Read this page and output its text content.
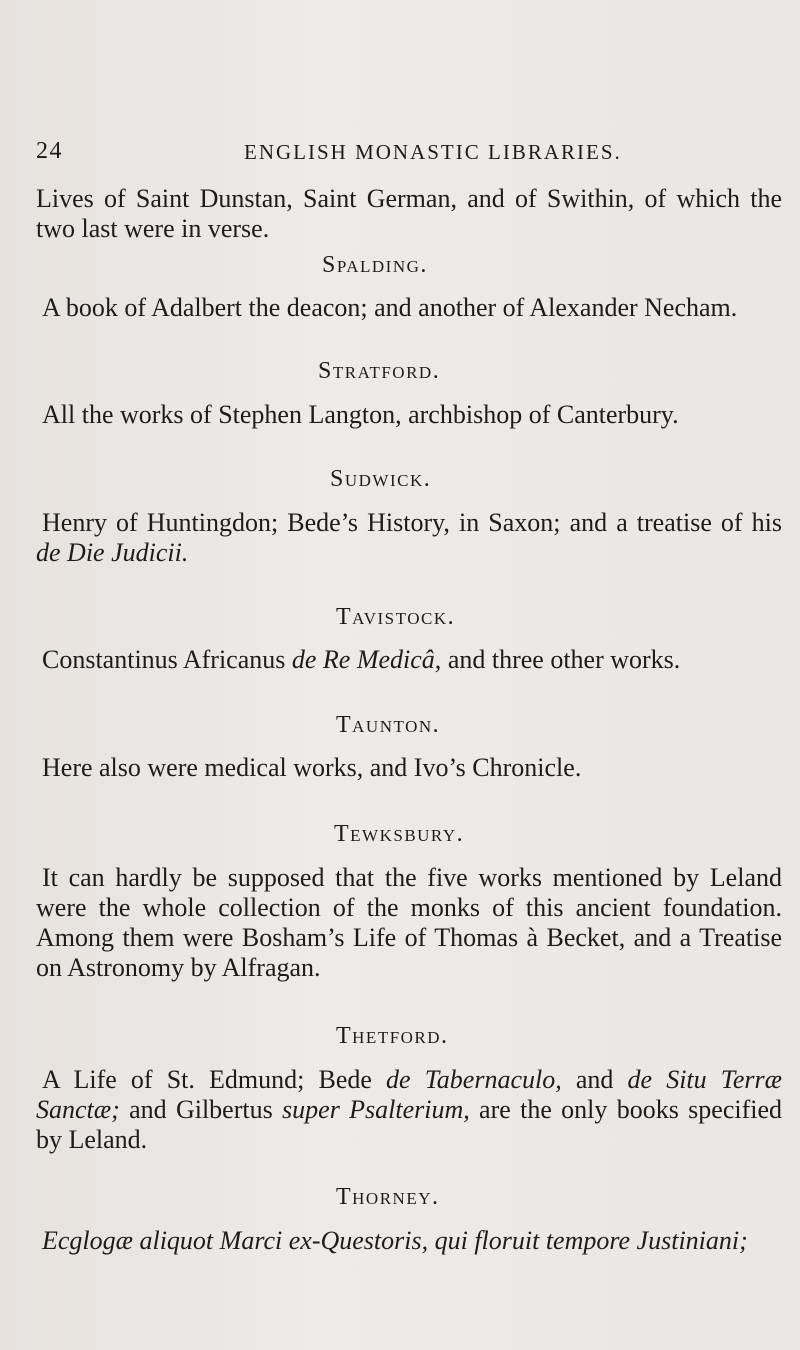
24	ENGLISH MONASTIC LIBRARIES.

Lives of Saint Dunstan, Saint German, and of Swithin, of which the two last were in verse.

Spalding.

A book of Adalbert the deacon; and another of Alexander Necham.

Stratford.

All the works of Stephen Langton, archbishop of Canterbury.

Sudwick.

Henry of Huntingdon; Bede’s History, in Saxon; and a treatise of his de Die Judicii.

Tavistock.

Constantinus Africanus de Re Medicâ, and three other works.

Taunton.

Here also were medical works, and Ivo’s Chronicle.

Tewksbury.

It can hardly be supposed that the five works mentioned by Leland were the whole collection of the monks of this ancient foundation. Among them were Bosham’s Life of Thomas à Becket, and a Treatise on Astronomy by Alfragan.

Thetford.

A Life of St. Edmund; Bede de Tabernaculo, and de Situ Terræ Sanctæ; and Gilbertus super Psalterium, are the only books specified by Leland.

Thorney.

Ecglogæ aliquot Marci ex-Questoris, qui floruit tempore Justiniani;
